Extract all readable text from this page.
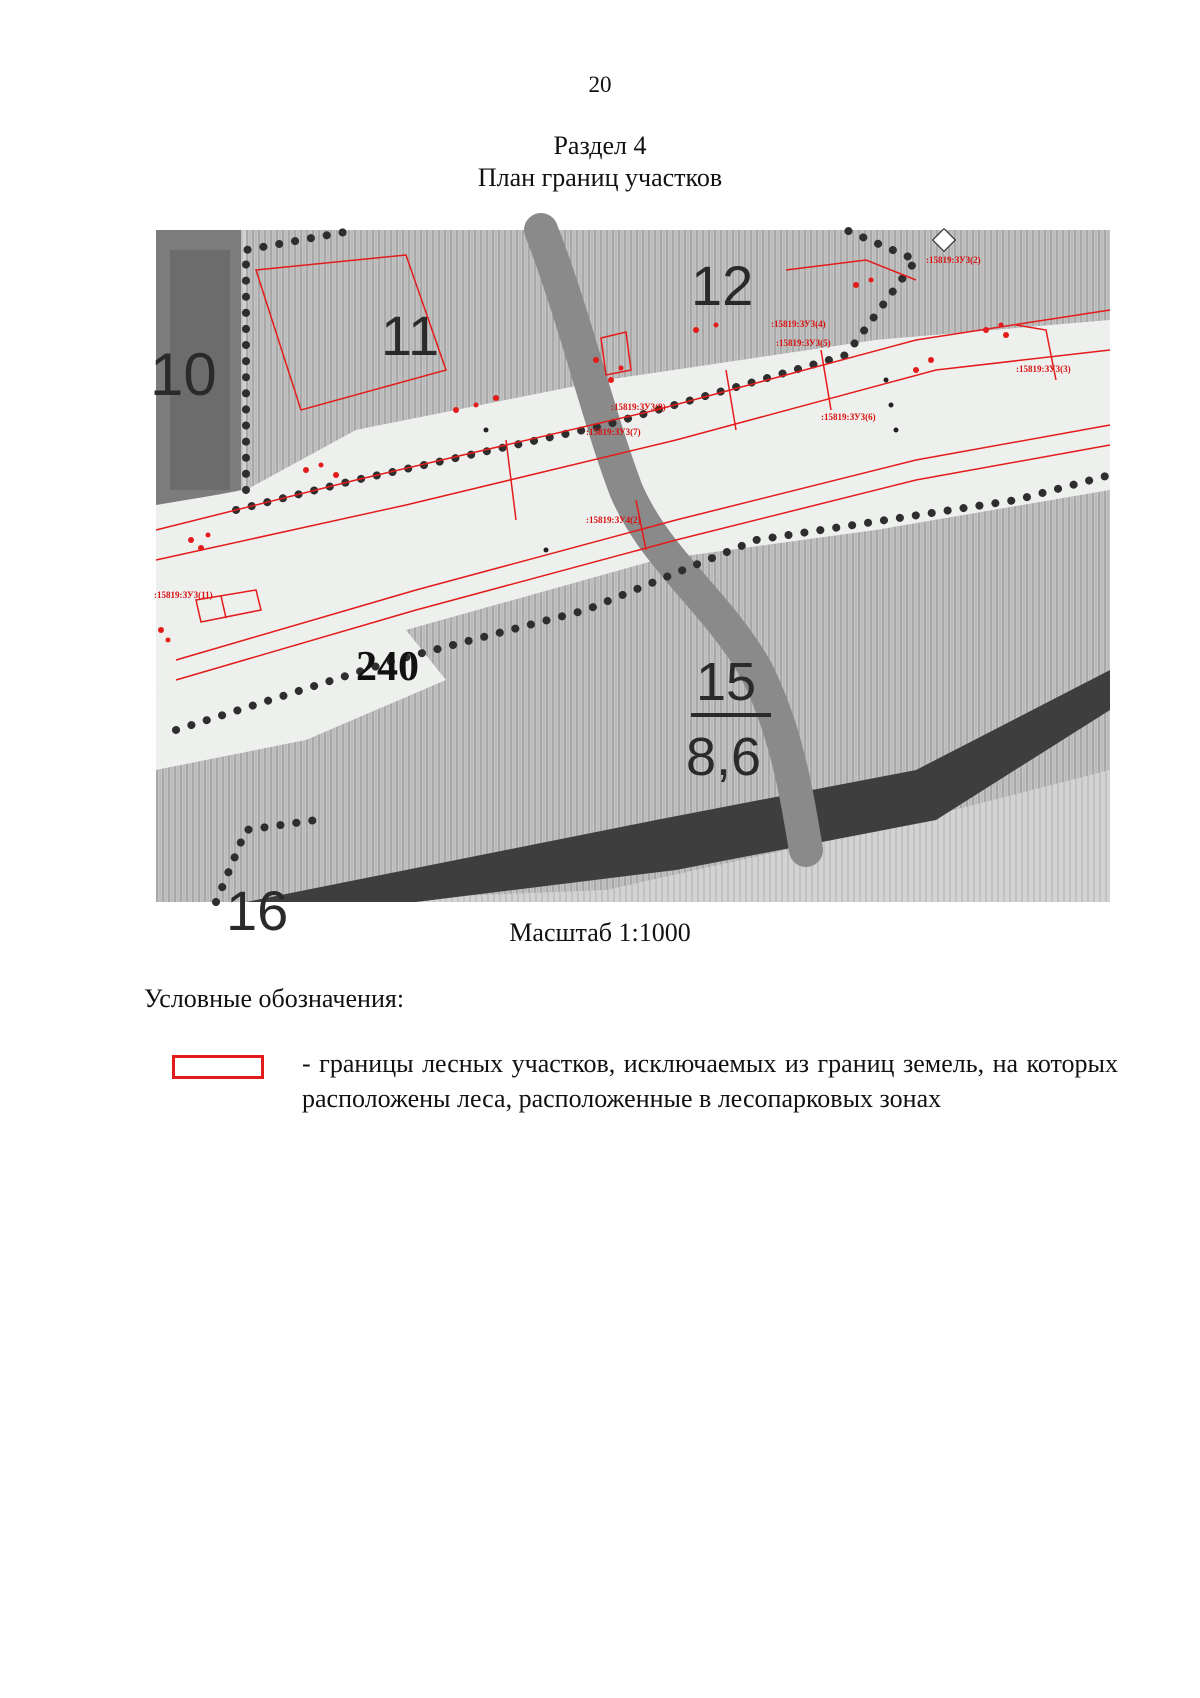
20
Раздел 4
План границ участков
10
11
12
240	15
8,6
16
:15819:ЗУ3(2)
:15819:ЗУ3(4)
:15819:ЗУ3(5)
:15819:ЗУ3(3)
:15819:ЗУ3(6)
:15819:ЗУ3(9)
:15819:ЗУ3(7)
:15819:ЗУ4(2)
:15819:ЗУ3(11)
Масштаб 1:1000
Условные обозначения:
- границы лесных участков, исключаемых из границ земель, на которых расположены леса, расположенные в лесопарковых зонах
